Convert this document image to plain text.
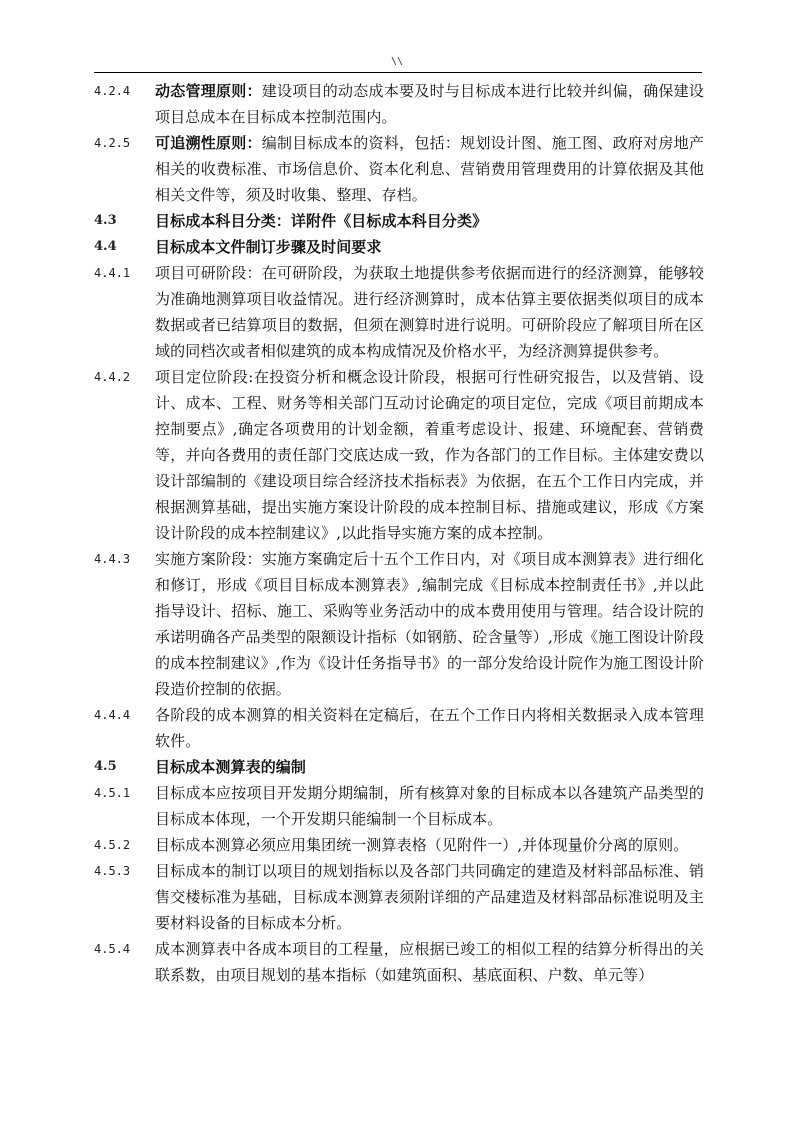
\\
4.2.4	动态管理原则：建设项目的动态成本要及时与目标成本进行比较并纠偏，确保建设项目总成本在目标成本控制范围内。
4.2.5	可追溯性原则：编制目标成本的资料，包括：规划设计图、施工图、政府对房地产相关的收费标准、市场信息价、资本化利息、营销费用管理费用的计算依据及其他相关文件等，须及时收集、整理、存档。
4.3	目标成本科目分类：详附件《目标成本科目分类》
4.4	目标成本文件制订步骤及时间要求
4.4.1	项目可研阶段：在可研阶段，为获取土地提供参考依据而进行的经济测算，能够较为准确地测算项目收益情况。进行经济测算时，成本估算主要依据类似项目的成本数据或者已结算项目的数据，但须在测算时进行说明。可研阶段应了解项目所在区域的同档次或者相似建筑的成本构成情况及价格水平，为经济测算提供参考。
4.4.2	项目定位阶段:在投资分析和概念设计阶段，根据可行性研究报告，以及营销、设计、成本、工程、财务等相关部门互动讨论确定的项目定位，完成《项目前期成本控制要点》,确定各项费用的计划金额，着重考虑设计、报建、环境配套、营销费等，并向各费用的责任部门交底达成一致，作为各部门的工作目标。主体建安费以设计部编制的《建设项目综合经济技术指标表》为依据，在五个工作日内完成，并根据测算基础，提出实施方案设计阶段的成本控制目标、措施或建议，形成《方案设计阶段的成本控制建议》,以此指导实施方案的成本控制。
4.4.3	实施方案阶段：实施方案确定后十五个工作日内，对《项目成本测算表》进行细化和修订，形成《项目目标成本测算表》,编制完成《目标成本控制责任书》,并以此指导设计、招标、施工、采购等业务活动中的成本费用使用与管理。结合设计院的承诺明确各产品类型的限额设计指标（如钢筋、砼含量等）,形成《施工图设计阶段的成本控制建议》,作为《设计任务指导书》的一部分发给设计院作为施工图设计阶段造价控制的依据。
4.4.4	各阶段的成本测算的相关资料在定稿后，在五个工作日内将相关数据录入成本管理软件。
4.5	目标成本测算表的编制
4.5.1	目标成本应按项目开发期分期编制，所有核算对象的目标成本以各建筑产品类型的目标成本体现，一个开发期只能编制一个目标成本。
4.5.2	目标成本测算必须应用集团统一测算表格（见附件一）,并体现量价分离的原则。
4.5.3	目标成本的制订以项目的规划指标以及各部门共同确定的建造及材料部品标准、销售交楼标准为基础，目标成本测算表须附详细的产品建造及材料部品标准说明及主要材料设备的目标成本分析。
4.5.4	成本测算表中各成本项目的工程量，应根据已竣工的相似工程的结算分析得出的关联系数，由项目规划的基本指标（如建筑面积、基底面积、户数、单元等）
